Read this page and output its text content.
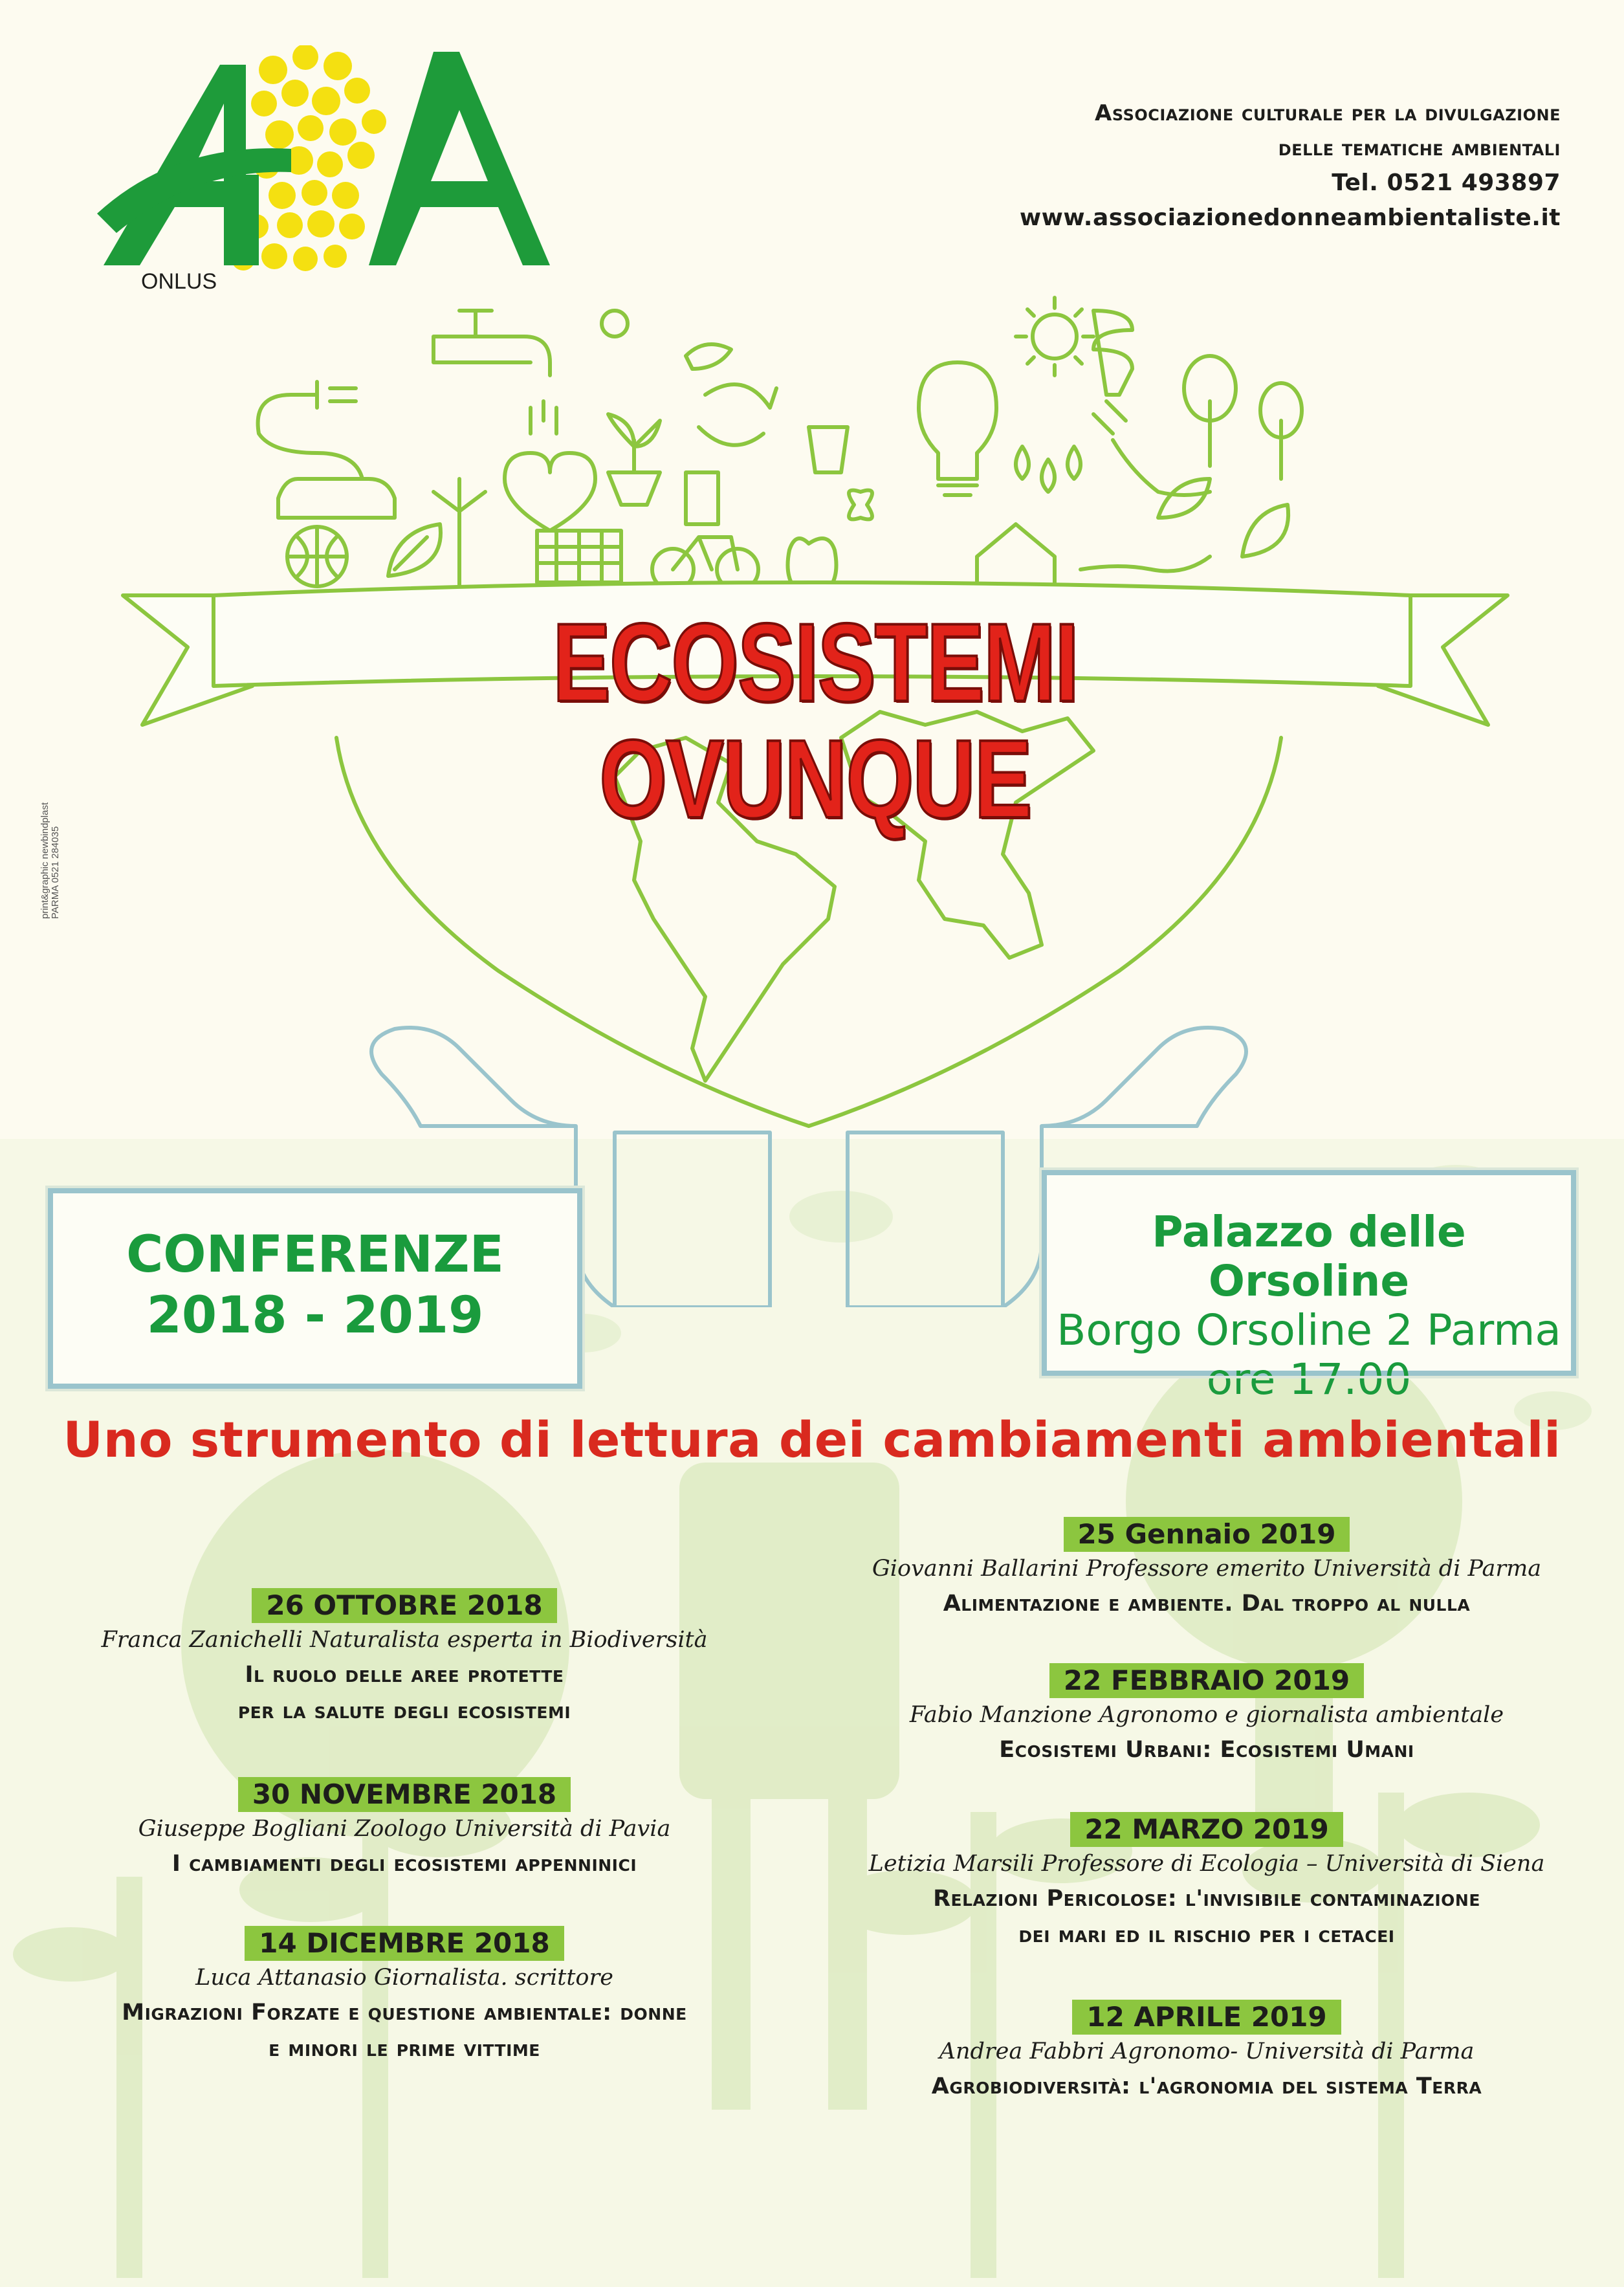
ONLUS
Associazione culturale per la divulgazione
delle tematiche ambientali
Tel. 0521 493897
www.associazionedonneambientaliste.it
print&graphic newbindplast PARMA 0521 284035
ECOSISTEMI OVUNQUE
CONFERENZE
2018 - 2019
Palazzo delle Orsoline
Borgo Orsoline 2 Parma
ore 17.00
Uno strumento di lettura dei cambiamenti ambientali
26 OTTOBRE 2018
Franca Zanichelli Naturalista esperta in Biodiversità
Il ruolo delle aree protette
per la salute degli ecosistemi
30 NOVEMBRE 2018
Giuseppe Bogliani Zoologo Università di Pavia
I cambiamenti degli ecosistemi appenninici
14 DICEMBRE 2018
Luca Attanasio Giornalista. scrittore
Migrazioni Forzate e questione ambientale: donne
e minori le prime vittime
25 Gennaio 2019
Giovanni Ballarini Professore emerito Università di Parma
Alimentazione e ambiente. Dal troppo al nulla
22 FEBBRAIO 2019
Fabio Manzione Agronomo e giornalista ambientale
Ecosistemi Urbani: Ecosistemi Umani
22 MARZO 2019
Letizia Marsili Professore di Ecologia – Università di Siena
Relazioni Pericolose: l'invisibile contaminazione
dei mari ed il rischio per i cetacei
12 APRILE 2019
Andrea Fabbri Agronomo- Università di Parma
Agrobiodiversità: l'agronomia del sistema Terra
